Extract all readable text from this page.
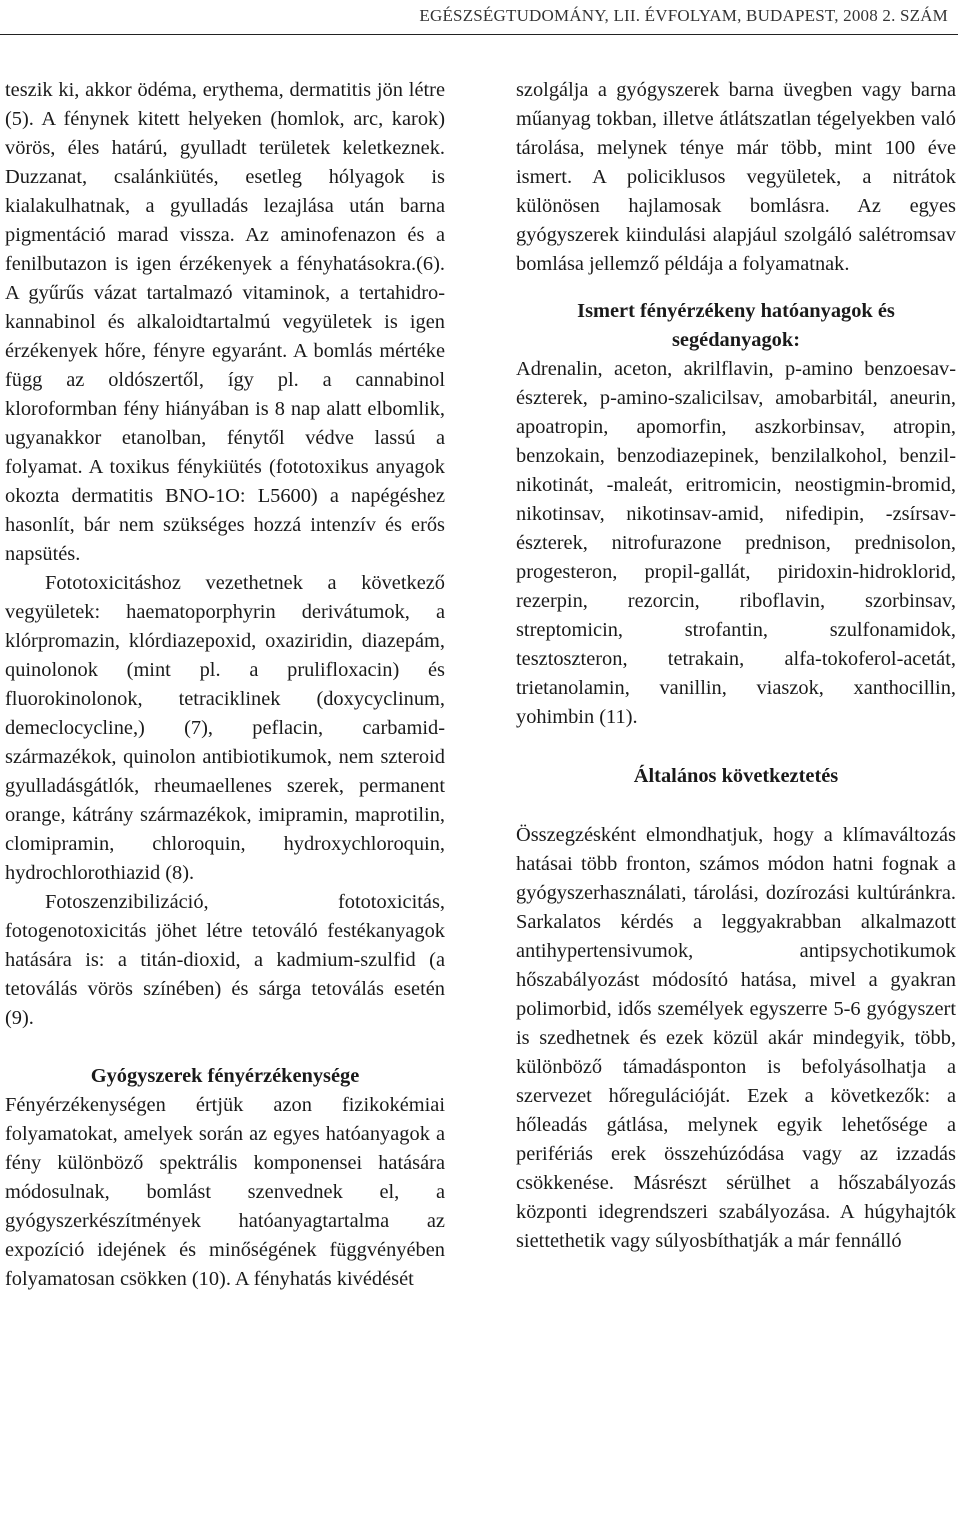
EGÉSZSÉGTUDOMÁNY, LII. ÉVFOLYAM, BUDAPEST, 2008 2. SZÁM

teszik ki, akkor ödéma, erythema, dermatitis jön létre (5). A fénynek kitett helyeken (homlok, arc, karok) vörös, éles határú, gyulladt területek keletkeznek. Duzzanat, csalánkiütés, esetleg hólyagok is kialakulhatnak, a gyulladás lezajlása után barna pigmentáció marad vissza. Az aminofenazon és a fenilbutazon is igen érzékenyek a fényhatásokra.(6). A gyűrűs vázat tartalmazó vitaminok, a tertahidrokannabinol és alkaloidtartalmú vegyületek is igen érzékenyek hőre, fényre egyaránt. A bomlás mértéke függ az oldószertől, így pl. a cannabinol kloroformban fény hiányában is 8 nap alatt elbomlik, ugyanakkor etanolban, fénytől védve lassú a folyamat. A toxikus fénykiütés (fototoxikus anyagok okozta dermatitis BNO-1O: L5600) a napégéshez hasonlít, bár nem szükséges hozzá intenzív és erős napsütés.

Fototoxicitáshoz vezethetnek a következő vegyületek: haematoporphyrin derivátumok, a klórpromazin, klórdiazepoxid, oxaziridin, diazepám, quinolonok (mint pl. a prulifloxacin) és fluorokinolonok, tetraciklinek (doxycyclinum, demeclocycline,) (7), peflacin, carbamid-származékok, quinolon antibiotikumok, nem szteroid gyulladásgátlók, rheumaellenes szerek, permanent orange, kátrány származékok, imipramin, maprotilin, clomipramin, chloroquin, hydroxychloroquin, hydrochlorothiazid (8).

Fotoszenzibilizáció, fototoxicitás, fotogenotoxicitás jöhet létre tetováló festékanyagok hatására is: a titán-dioxid, a kadmium-szulfid (a tetoválás vörös színében) és sárga tetoválás esetén (9).

Gyógyszerek fényérzékenysége

Fényérzékenységen értjük azon fizikokémiai folyamatokat, amelyek során az egyes hatóanyagok a fény különböző spektrális komponensei hatására módosulnak, bomlást szenvednek el, a gyógyszerkészítmények hatóanyagtartalma az expozíció idejének és minőségének függvényében folyamatosan csökken (10). A fényhatás kivédését

szolgálja a gyógyszerek barna üvegben vagy barna műanyag tokban, illetve átlátszatlan tégelyekben való tárolása, melynek ténye már több, mint 100 éve ismert. A policiklusos vegyületek, a nitrátok különösen hajlamosak bomlásra. Az egyes gyógyszerek kiindulási alapjául szolgáló salétromsav bomlása jellemző példája a folyamatnak.

Ismert fényérzékeny hatóanyagok és segédanyagok:

Adrenalin, aceton, akrilflavin, p-amino benzoesav-észterek, p-amino-szalicilsav, amobarbitál, aneurin, apoatropin, apomorfin, aszkorbinsav, atropin, benzokain, benzodiazepinek, benzilalkohol, benzil-nikotinát, -maleát, eritromicin, neostigmin-bromid, nikotinsav, nikotinsav-amid, nifedipin, -zsírsav-észterek, nitrofurazone prednison, prednisolon, progesteron, propil-gallát, piridoxin-hidroklorid, rezerpin, rezorcin, riboflavin, szorbinsav, streptomicin, strofantin, szulfonamidok, tesztoszteron, tetrakain, alfa-tokoferol-acetát, trietanolamin, vanillin, viaszok, xanthocillin, yohimbin (11).

Általános következtetés

Összegzésként elmondhatjuk, hogy a klímaváltozás hatásai több fronton, számos módon hatni fognak a gyógyszerhasználati, tárolási, dozírozási kultúránkra. Sarkalatos kérdés a leggyakrabban alkalmazott antihypertensivumok, antipsychotikumok hőszabályozást módosító hatása, mivel a gyakran polimorbid, idős személyek egyszerre 5-6 gyógyszert is szedhetnek és ezek közül akár mindegyik, több, különböző támadásponton is befolyásolhatja a szervezet hőregulációját. Ezek a következők: a hőleadás gátlása, melynek egyik lehetősége a perifériás erek összehúzódása vagy az izzadás csökkenése. Másrészt sérülhet a hőszabályozás központi idegrendszeri szabályozása. A húgyhajtók siettethetik vagy súlyosbíthatják a már fennálló
